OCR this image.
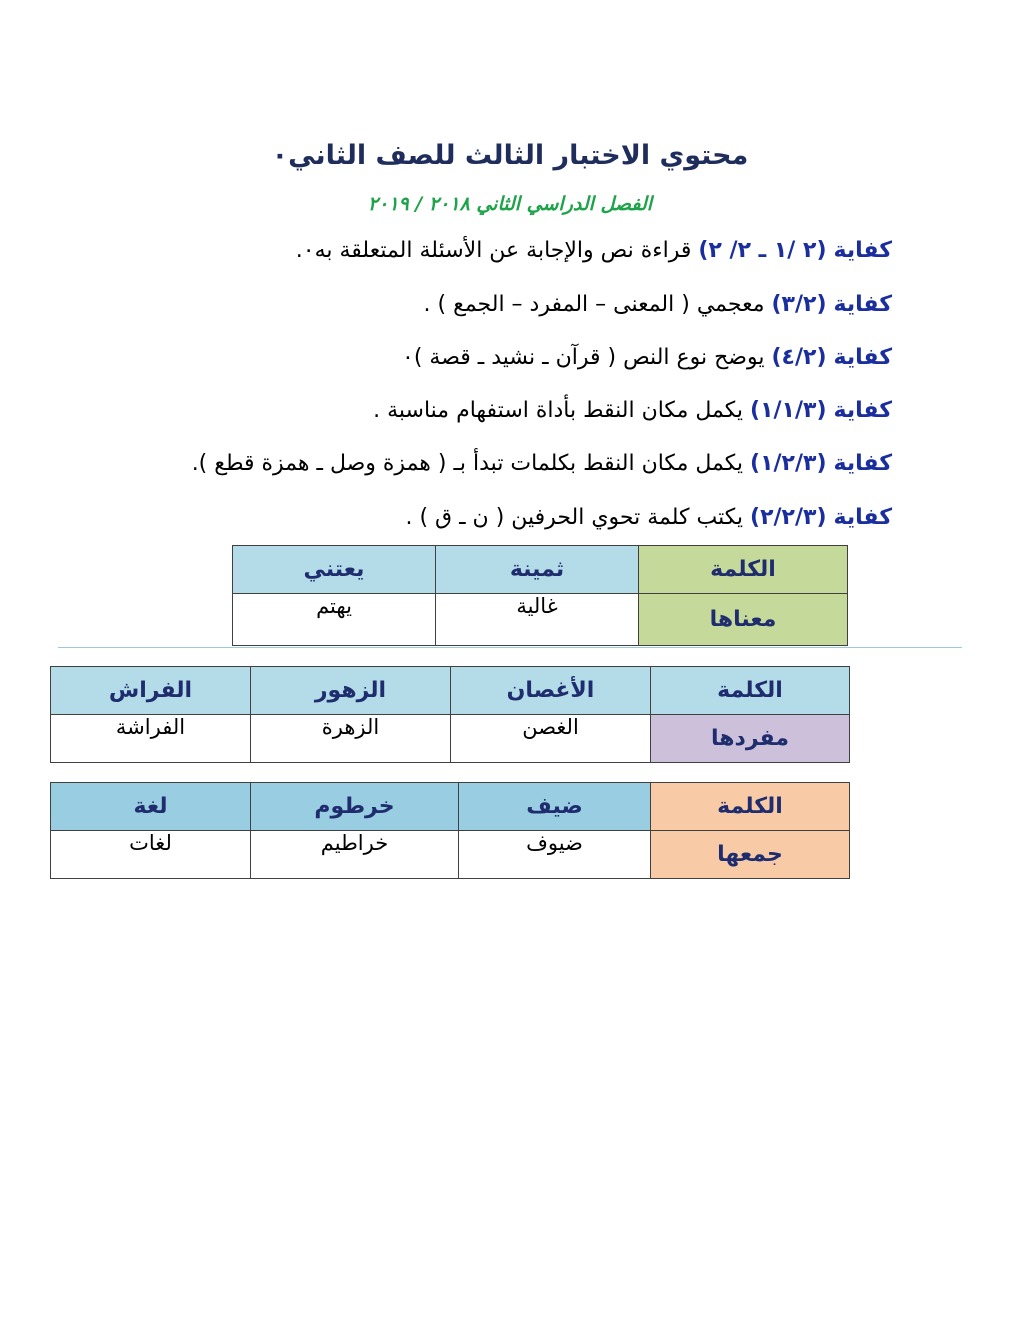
محتوي الاختبار الثالث للصف الثاني٠
الفصل الدراسي الثاني ٢٠١٨ / ٢٠١٩
كفاية (٢ /١ ـ ٢/ ٢) قراءة نص والإجابة عن الأسئلة المتعلقة به٠.
كفاية (٣/٢) معجمي ( المعنى – المفرد – الجمع ) .
كفاية (٤/٢) يوضح نوع النص ( قرآن ـ نشيد ـ قصة )٠
كفاية (١/١/٣) يكمل مكان النقط بأداة استفهام مناسبة .
كفاية (١/٢/٣) يكمل مكان النقط بكلمات تبدأ بـ ( همزة وصل ـ همزة قطع ).
كفاية (٢/٢/٣) يكتب كلمة تحوي الحرفين ( ن ـ ق ) .
الكلمة	ثمينة	يعتني
معناها	غالية	يهتم
الكلمة	الأغصان	الزهور	الفراش
مفردها	الغصن	الزهرة	الفراشة
الكلمة	ضيف	خرطوم	لغة
جمعها	ضيوف	خراطيم	لغات
